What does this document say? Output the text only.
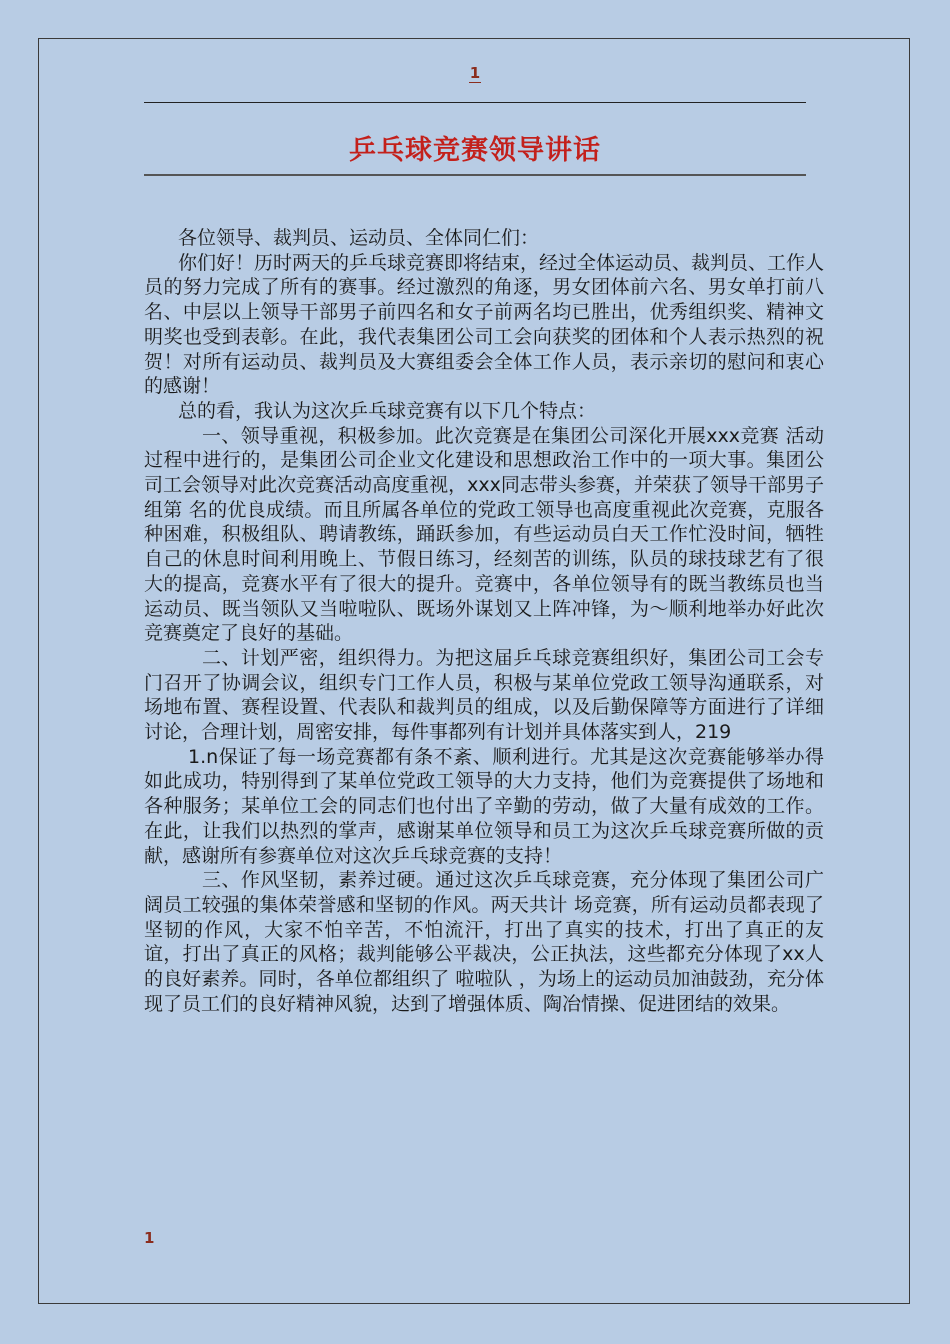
1
乒乓球竞赛领导讲话

各位领导、裁判员、运动员、全体同仁们：

你们好！历时两天的乒乓球竞赛即将结束，经过全体运动员、裁判员、工作人员的努力完成了所有的赛事。经过激烈的角逐，男女团体前六名、男女单打前八名、中层以上领导干部男子前四名和女子前两名均已胜出，优秀组织奖、精神文明奖也受到表彰。在此，我代表集团公司工会向获奖的团体和个人表示热烈的祝贺！对所有运动员、裁判员及大赛组委会全体工作人员，表示亲切的慰问和衷心的感谢！

总的看，我认为这次乒乓球竞赛有以下几个特点：

一、领导重视，积极参加。此次竞赛是在集团公司深化开展xxx竞赛 活动过程中进行的，是集团公司企业文化建设和思想政治工作中的一项大事。集团公司工会领导对此次竞赛活动高度重视，xxx同志带头参赛，并荣获了领导干部男子组第 名的优良成绩。而且所属各单位的党政工领导也高度重视此次竞赛，克服各种困难，积极组队、聘请教练，踊跃参加，有些运动员白天工作忙没时间，牺牲自己的休息时间利用晚上、节假日练习，经刻苦的训练，队员的球技球艺有了很大的提高，竞赛水平有了很大的提升。竞赛中，各单位领导有的既当教练员也当运动员、既当领队又当啦啦队、既场外谋划又上阵冲锋，为～顺利地举办好此次竞赛奠定了良好的基础。

二、计划严密，组织得力。为把这届乒乓球竞赛组织好，集团公司工会专门召开了协调会议，组织专门工作人员，积极与某单位党政工领导沟通联系，对场地布置、赛程设置、代表队和裁判员的组成，以及后勤保障等方面进行了详细讨论，合理计划，周密安排，每件事都列有计划并具体落实到人，219

1.n保证了每一场竞赛都有条不紊、顺利进行。尤其是这次竞赛能够举办得如此成功，特别得到了某单位党政工领导的大力支持，他们为竞赛提供了场地和各种服务；某单位工会的同志们也付出了辛勤的劳动，做了大量有成效的工作。在此，让我们以热烈的掌声，感谢某单位领导和员工为这次乒乓球竞赛所做的贡献，感谢所有参赛单位对这次乒乓球竞赛的支持！

三、作风坚韧，素养过硬。通过这次乒乓球竞赛，充分体现了集团公司广阔员工较强的集体荣誉感和坚韧的作风。两天共计 场竞赛，所有运动员都表现了坚韧的作风，大家不怕辛苦，不怕流汗，打出了真实的技术，打出了真正的友谊，打出了真正的风格；裁判能够公平裁决，公正执法，这些都充分体现了xx人的良好素养。同时，各单位都组织了 啦啦队 ，为场上的运动员加油鼓劲，充分体现了员工们的良好精神风貌，达到了增强体质、陶冶情操、促进团结的效果。

1
